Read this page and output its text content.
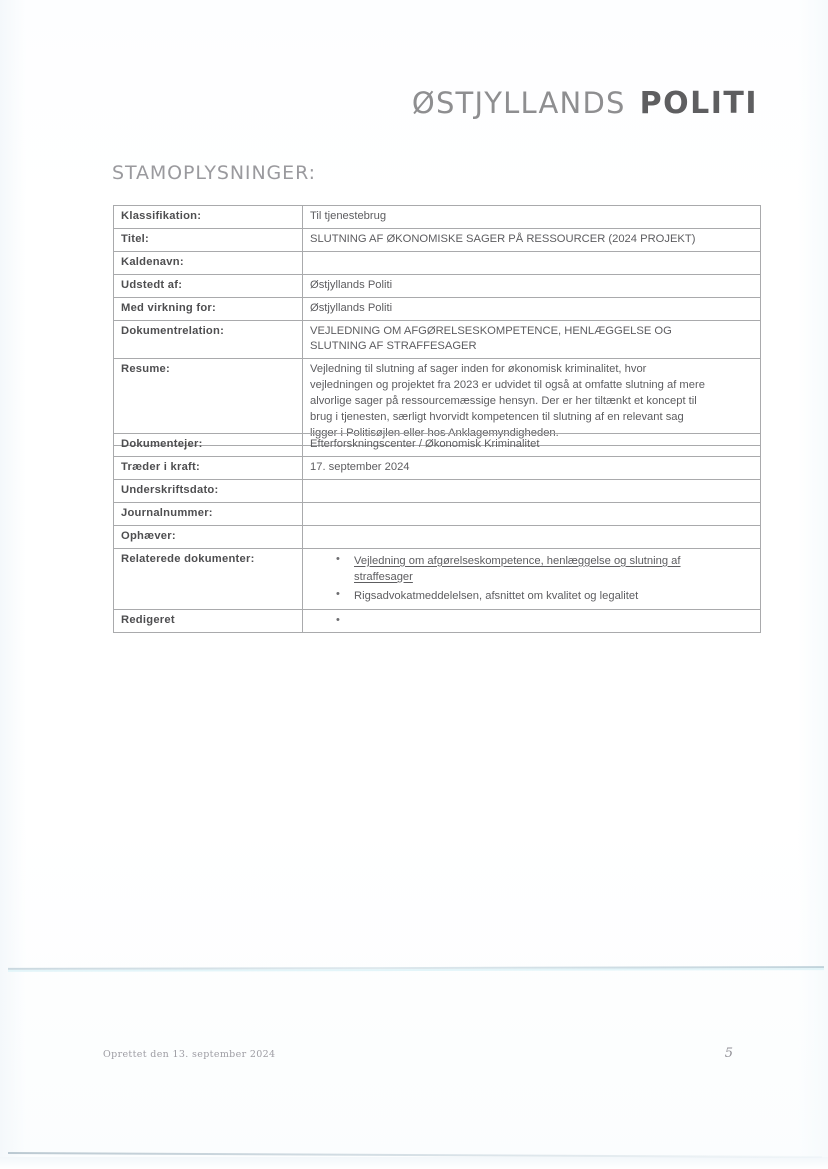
ØSTJYLLANDS POLITI
STAMOPLYSNINGER:
Klassifikation:	Til tjenestebrug
Titel:	SLUTNING AF ØKONOMISKE SAGER PÅ RESSOURCER (2024 PROJEKT)
Kaldenavn:	
Udstedt af:	Østjyllands Politi
Med virkning for:	Østjyllands Politi
Dokumentrelation:	VEJLEDNING OM AFGØRELSESKOMPETENCE, HENLÆGGELSE OG
SLUTNING AF STRAFFESAGER

Resume:	Vejledning til slutning af sager inden for økonomisk kriminalitet, hvor
vejledningen og projektet fra 2023 er udvidet til også at omfatte slutning af mere
alvorlige sager på ressourcemæssige hensyn. Der er her tiltænkt et koncept til
brug i tjenesten, særligt hvorvidt kompetencen til slutning af en relevant sag
ligger i Politisøjlen eller hos Anklagemyndigheden.
Dokumentejer:	Efterforskningscenter / Økonomisk Kriminalitet
Træder i kraft:	17. september 2024
Underskriftsdato:	
Journalnummer:	
Ophæver:	
Relaterede dokumenter:	
•Vejledning om afgørelseskompetence, henlæggelse og slutning af
straffesager
• Rigsadvokatmeddelelsen, afsnittet om kvalitet og legalitet

Redigeret	
•
Oprettet den 13. september 2024	5
